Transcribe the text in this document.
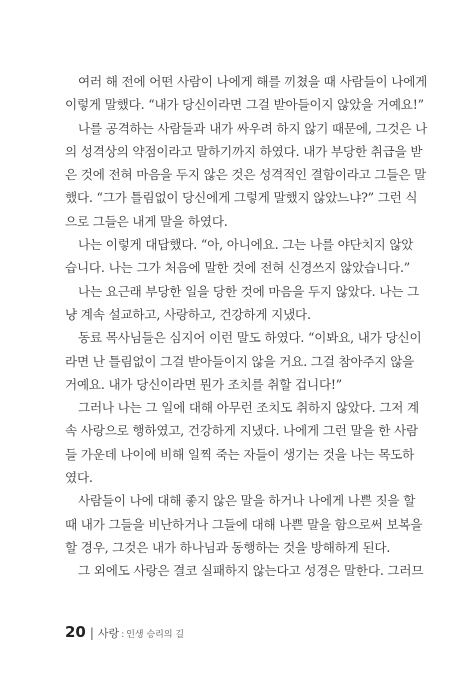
여러 해 전에 어떤 사람이 나에게 해를 끼쳤을 때 사람들이 나에게
이렇게 말했다. “내가 당신이라면 그걸 받아들이지 않았을 거예요!”
나를 공격하는 사람들과 내가 싸우려 하지 않기 때문에, 그것은 나
의 성격상의 약점이라고 말하기까지 하였다. 내가 부당한 취급을 받
은 것에 전혀 마음을 두지 않은 것은 성격적인 결함이라고 그들은 말
했다. “그가 틀림없이 당신에게 그렇게 말했지 않았느냐?” 그런 식
으로 그들은 내게 말을 하였다.
나는 이렇게 대답했다. “아, 아니에요. 그는 나를 야단치지 않았
습니다. 나는 그가 처음에 말한 것에 전혀 신경쓰지 않았습니다.”
나는 요근래 부당한 일을 당한 것에 마음을 두지 않았다. 나는 그
냥 계속 설교하고, 사랑하고, 건강하게 지냈다.
동료 목사님들은 심지어 이런 말도 하였다. “이봐요, 내가 당신이
라면 난 틀림없이 그걸 받아들이지 않을 거요. 그걸 참아주지 않을
거예요. 내가 당신이라면 뭔가 조치를 취할 겁니다!”
그러나 나는 그 일에 대해 아무런 조치도 취하지 않았다. 그저 계
속 사랑으로 행하였고, 건강하게 지냈다. 나에게 그런 말을 한 사람
들 가운데 나이에 비해 일찍 죽는 자들이 생기는 것을 나는 목도하
였다.
사람들이 나에 대해 좋지 않은 말을 하거나 나에게 나쁜 짓을 할
때 내가 그들을 비난하거나 그들에 대해 나쁜 말을 함으로써 보복을
할 경우, 그것은 내가 하나님과 동행하는 것을 방해하게 된다.
그 외에도 사랑은 결코 실패하지 않는다고 성경은 말한다. 그러므
20 | 사랑 : 인생 승리의 길
